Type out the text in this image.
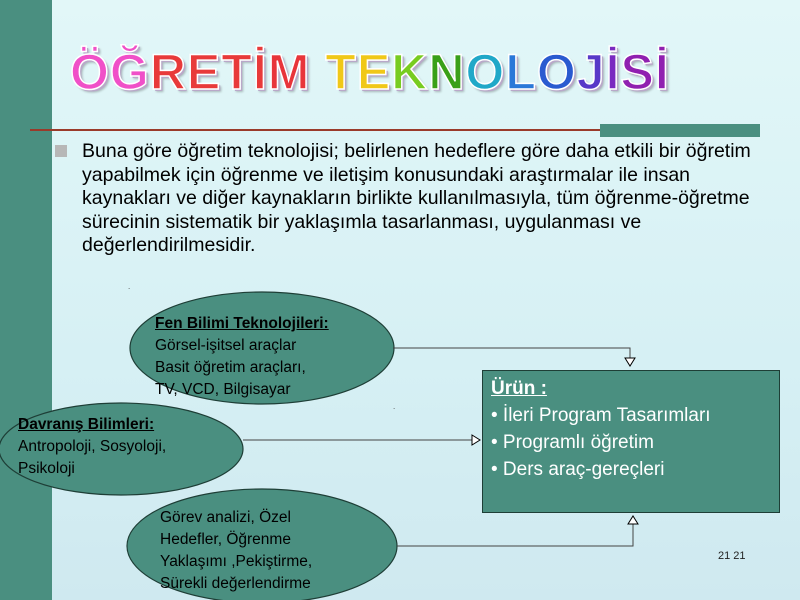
ÖĞRETİM TEKNOLOJİSİ
Buna göre öğretim teknolojisi; belirlenen hedeflere göre daha etkili bir öğretim yapabilmek için öğrenme ve iletişim konusundaki araştırmalar ile insan kaynakları ve diğer kaynakların birlikte kullanılmasıyla, tüm öğrenme-öğretme sürecinin sistematik bir yaklaşımla tasarlanması, uygulanması ve değerlendirilmesidir.
.
.
Fen Bilimi Teknolojileri:
Görsel-işitsel araçlar
Basit öğretim araçları,
TV, VCD, Bilgisayar
Davranış Bilimleri:
Antropoloji, Sosyoloji,
Psikoloji
Görev analizi, Özel
Hedefler, Öğrenme
Yaklaşımı ,Pekiştirme,
Sürekli değerlendirme
Ürün :
• İleri Program Tasarımları
• Programlı öğretim
• Ders araç-gereçleri
21 21
